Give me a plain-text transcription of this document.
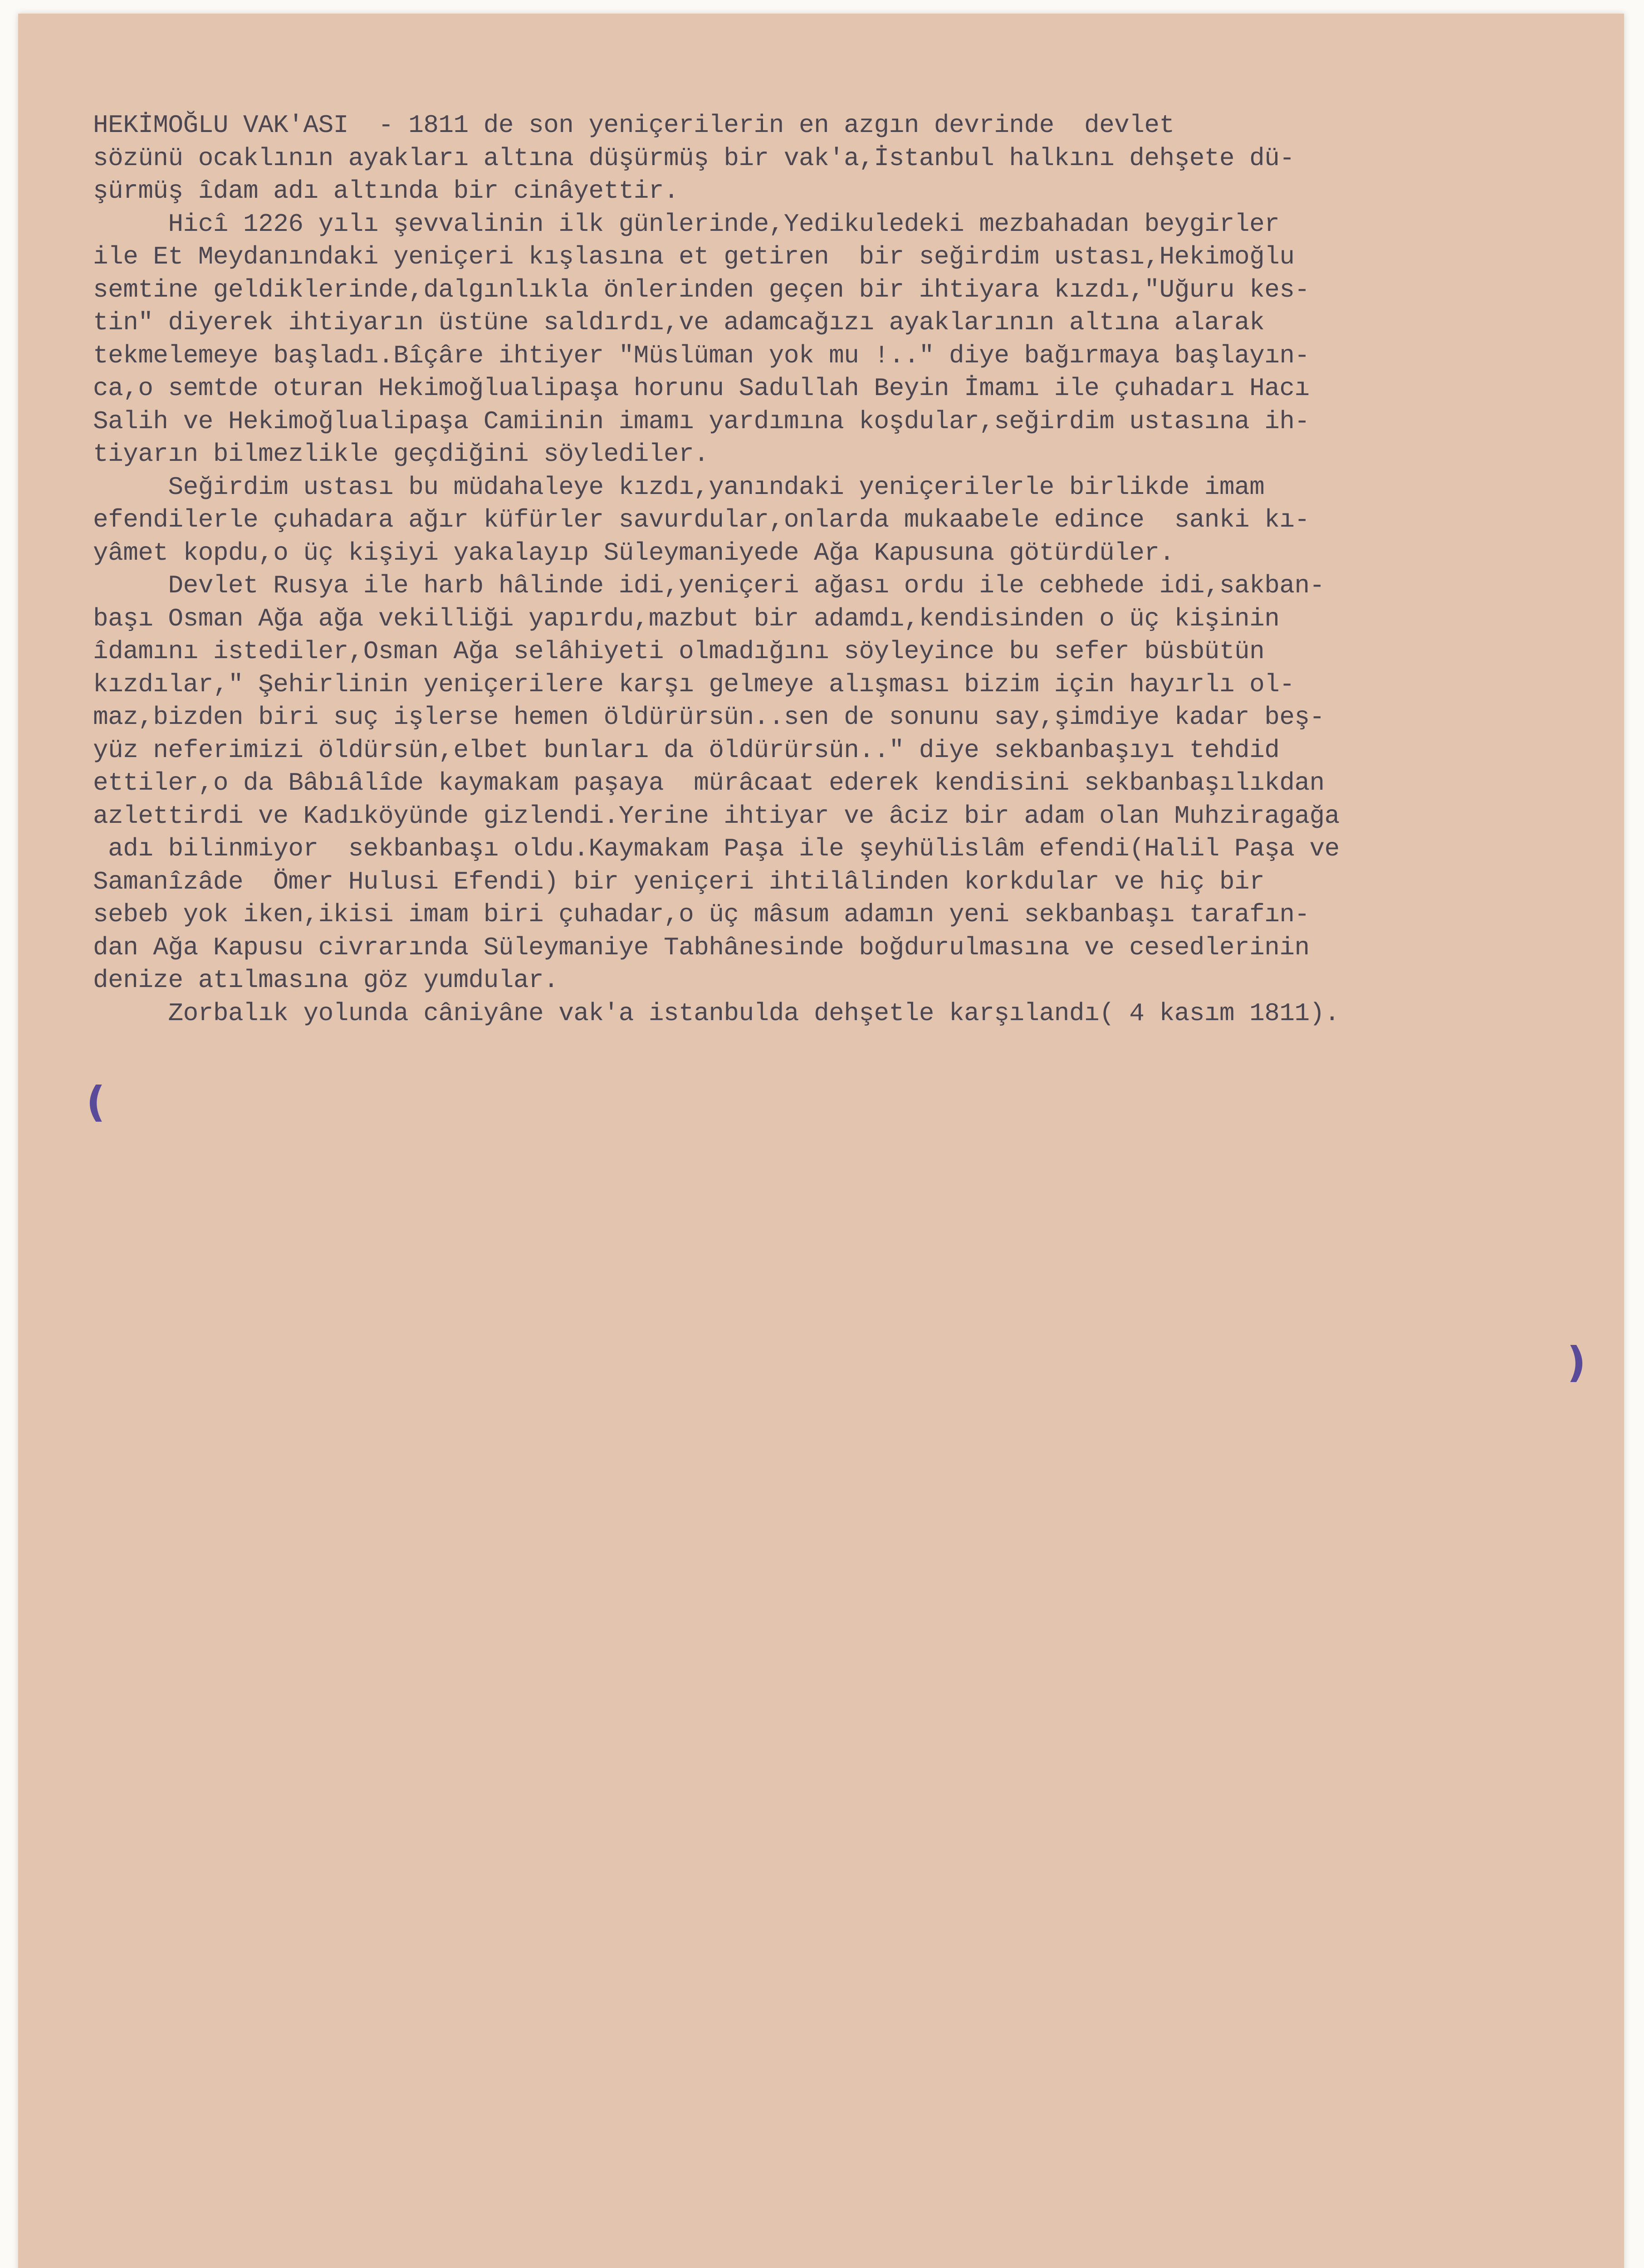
HEKİMOĞLU VAK'ASI  - 1811 de son yeniçerilerin en azgın devrinde  devlet
sözünü ocaklının ayakları altına düşürmüş bir vak'a,İstanbul halkını dehşete dü-
şürmüş îdam adı altında bir cinâyettir.
Hicî 1226 yılı şevvalinin ilk günlerinde,Yedikuledeki mezbahadan beygirler
ile Et Meydanındaki yeniçeri kışlasına et getiren  bir seğirdim ustası,Hekimoğlu
semtine geldiklerinde,dalgınlıkla önlerinden geçen bir ihtiyara kızdı,"Uğuru kes-
tin" diyerek ihtiyarın üstüne saldırdı,ve adamcağızı ayaklarının altına alarak
tekmelemeye başladı.Bîçâre ihtiyer "Müslüman yok mu !.." diye bağırmaya başlayın-
ca,o semtde oturan Hekimoğlualipaşa horunu Sadullah Beyin İmamı ile çuhadarı Hacı
Salih ve Hekimoğlualipaşa Camiinin imamı yardımına koşdular,seğirdim ustasına ih-
tiyarın bilmezlikle geçdiğini söylediler.
Seğirdim ustası bu müdahaleye kızdı,yanındaki yeniçerilerle birlikde imam
efendilerle çuhadara ağır küfürler savurdular,onlarda mukaabele edince  sanki kı-
yâmet kopdu,o üç kişiyi yakalayıp Süleymaniyede Ağa Kapusuna götürdüler.
Devlet Rusya ile harb hâlinde idi,yeniçeri ağası ordu ile cebhede idi,sakban-
başı Osman Ağa ağa vekilliği yapırdu,mazbut bir adamdı,kendisinden o üç kişinin
îdamını istediler,Osman Ağa selâhiyeti olmadığını söyleyince bu sefer büsbütün
kızdılar," Şehirlinin yeniçerilere karşı gelmeye alışması bizim için hayırlı ol-
maz,bizden biri suç işlerse hemen öldürürsün..sen de sonunu say,şimdiye kadar beş-
yüz neferimizi öldürsün,elbet bunları da öldürürsün.." diye sekbanbaşıyı tehdid
ettiler,o da Bâbıâlîde kaymakam paşaya  mürâcaat ederek kendisini sekbanbaşılıkdan
azlettirdi ve Kadıköyünde gizlendi.Yerine ihtiyar ve âciz bir adam olan Muhziragağa
adı bilinmiyor  sekbanbaşı oldu.Kaymakam Paşa ile şeyhülislâm efendi(Halil Paşa ve
Samanîzâde  Ömer Hulusi Efendi) bir yeniçeri ihtilâlinden korkdular ve hiç bir
sebeb yok iken,ikisi imam biri çuhadar,o üç mâsum adamın yeni sekbanbaşı tarafın-
dan Ağa Kapusu civrarında Süleymaniye Tabhânesinde boğdurulmasına ve cesedlerinin
denize atılmasına göz yumdular.
Zorbalık yolunda câniyâne vak'a istanbulda dehşetle karşılandı( 4 kasım 1811).
(
)
